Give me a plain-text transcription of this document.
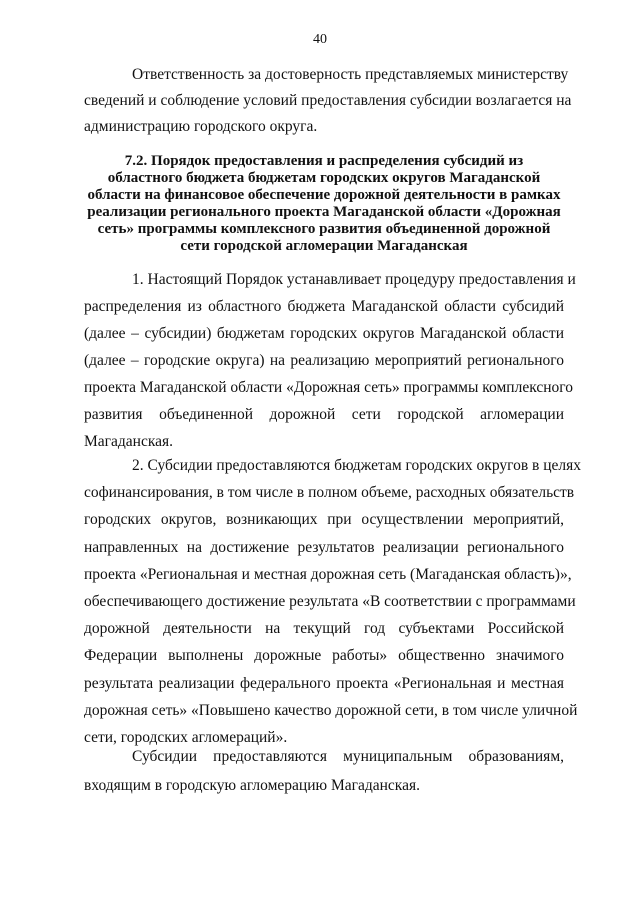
40
Ответственность за достоверность представляемых министерству
сведений и соблюдение условий предоставления субсидии возлагается на
администрацию городского округа.
7.2. Порядок предоставления и распределения субсидий из
областного бюджета бюджетам городских округов Магаданской
области на финансовое обеспечение дорожной деятельности в рамках
реализации регионального проекта Магаданской области «Дорожная
сеть» программы комплексного развития объединенной дорожной
сети городской агломерации Магаданская
1. Настоящий Порядок устанавливает процедуру предоставления и
распределения из областного бюджета Магаданской области субсидий
(далее – субсидии) бюджетам городских округов Магаданской области
(далее – городские округа) на реализацию мероприятий регионального
проекта Магаданской области «Дорожная сеть» программы комплексного
развития объединенной дорожной сети городской агломерации
Магаданская.
2. Субсидии предоставляются бюджетам городских округов в целях
софинансирования, в том числе в полном объеме, расходных обязательств
городских округов, возникающих при осуществлении мероприятий,
направленных на достижение результатов реализации регионального
проекта «Региональная и местная дорожная сеть (Магаданская область)»,
обеспечивающего достижение результата «В соответствии с программами
дорожной деятельности на текущий год субъектами Российской
Федерации выполнены дорожные работы» общественно значимого
результата реализации федерального проекта «Региональная и местная
дорожная сеть» «Повышено качество дорожной сети, в том числе уличной
сети, городских агломераций».
Субсидии предоставляются муниципальным образованиям,
входящим в городскую агломерацию Магаданская.
